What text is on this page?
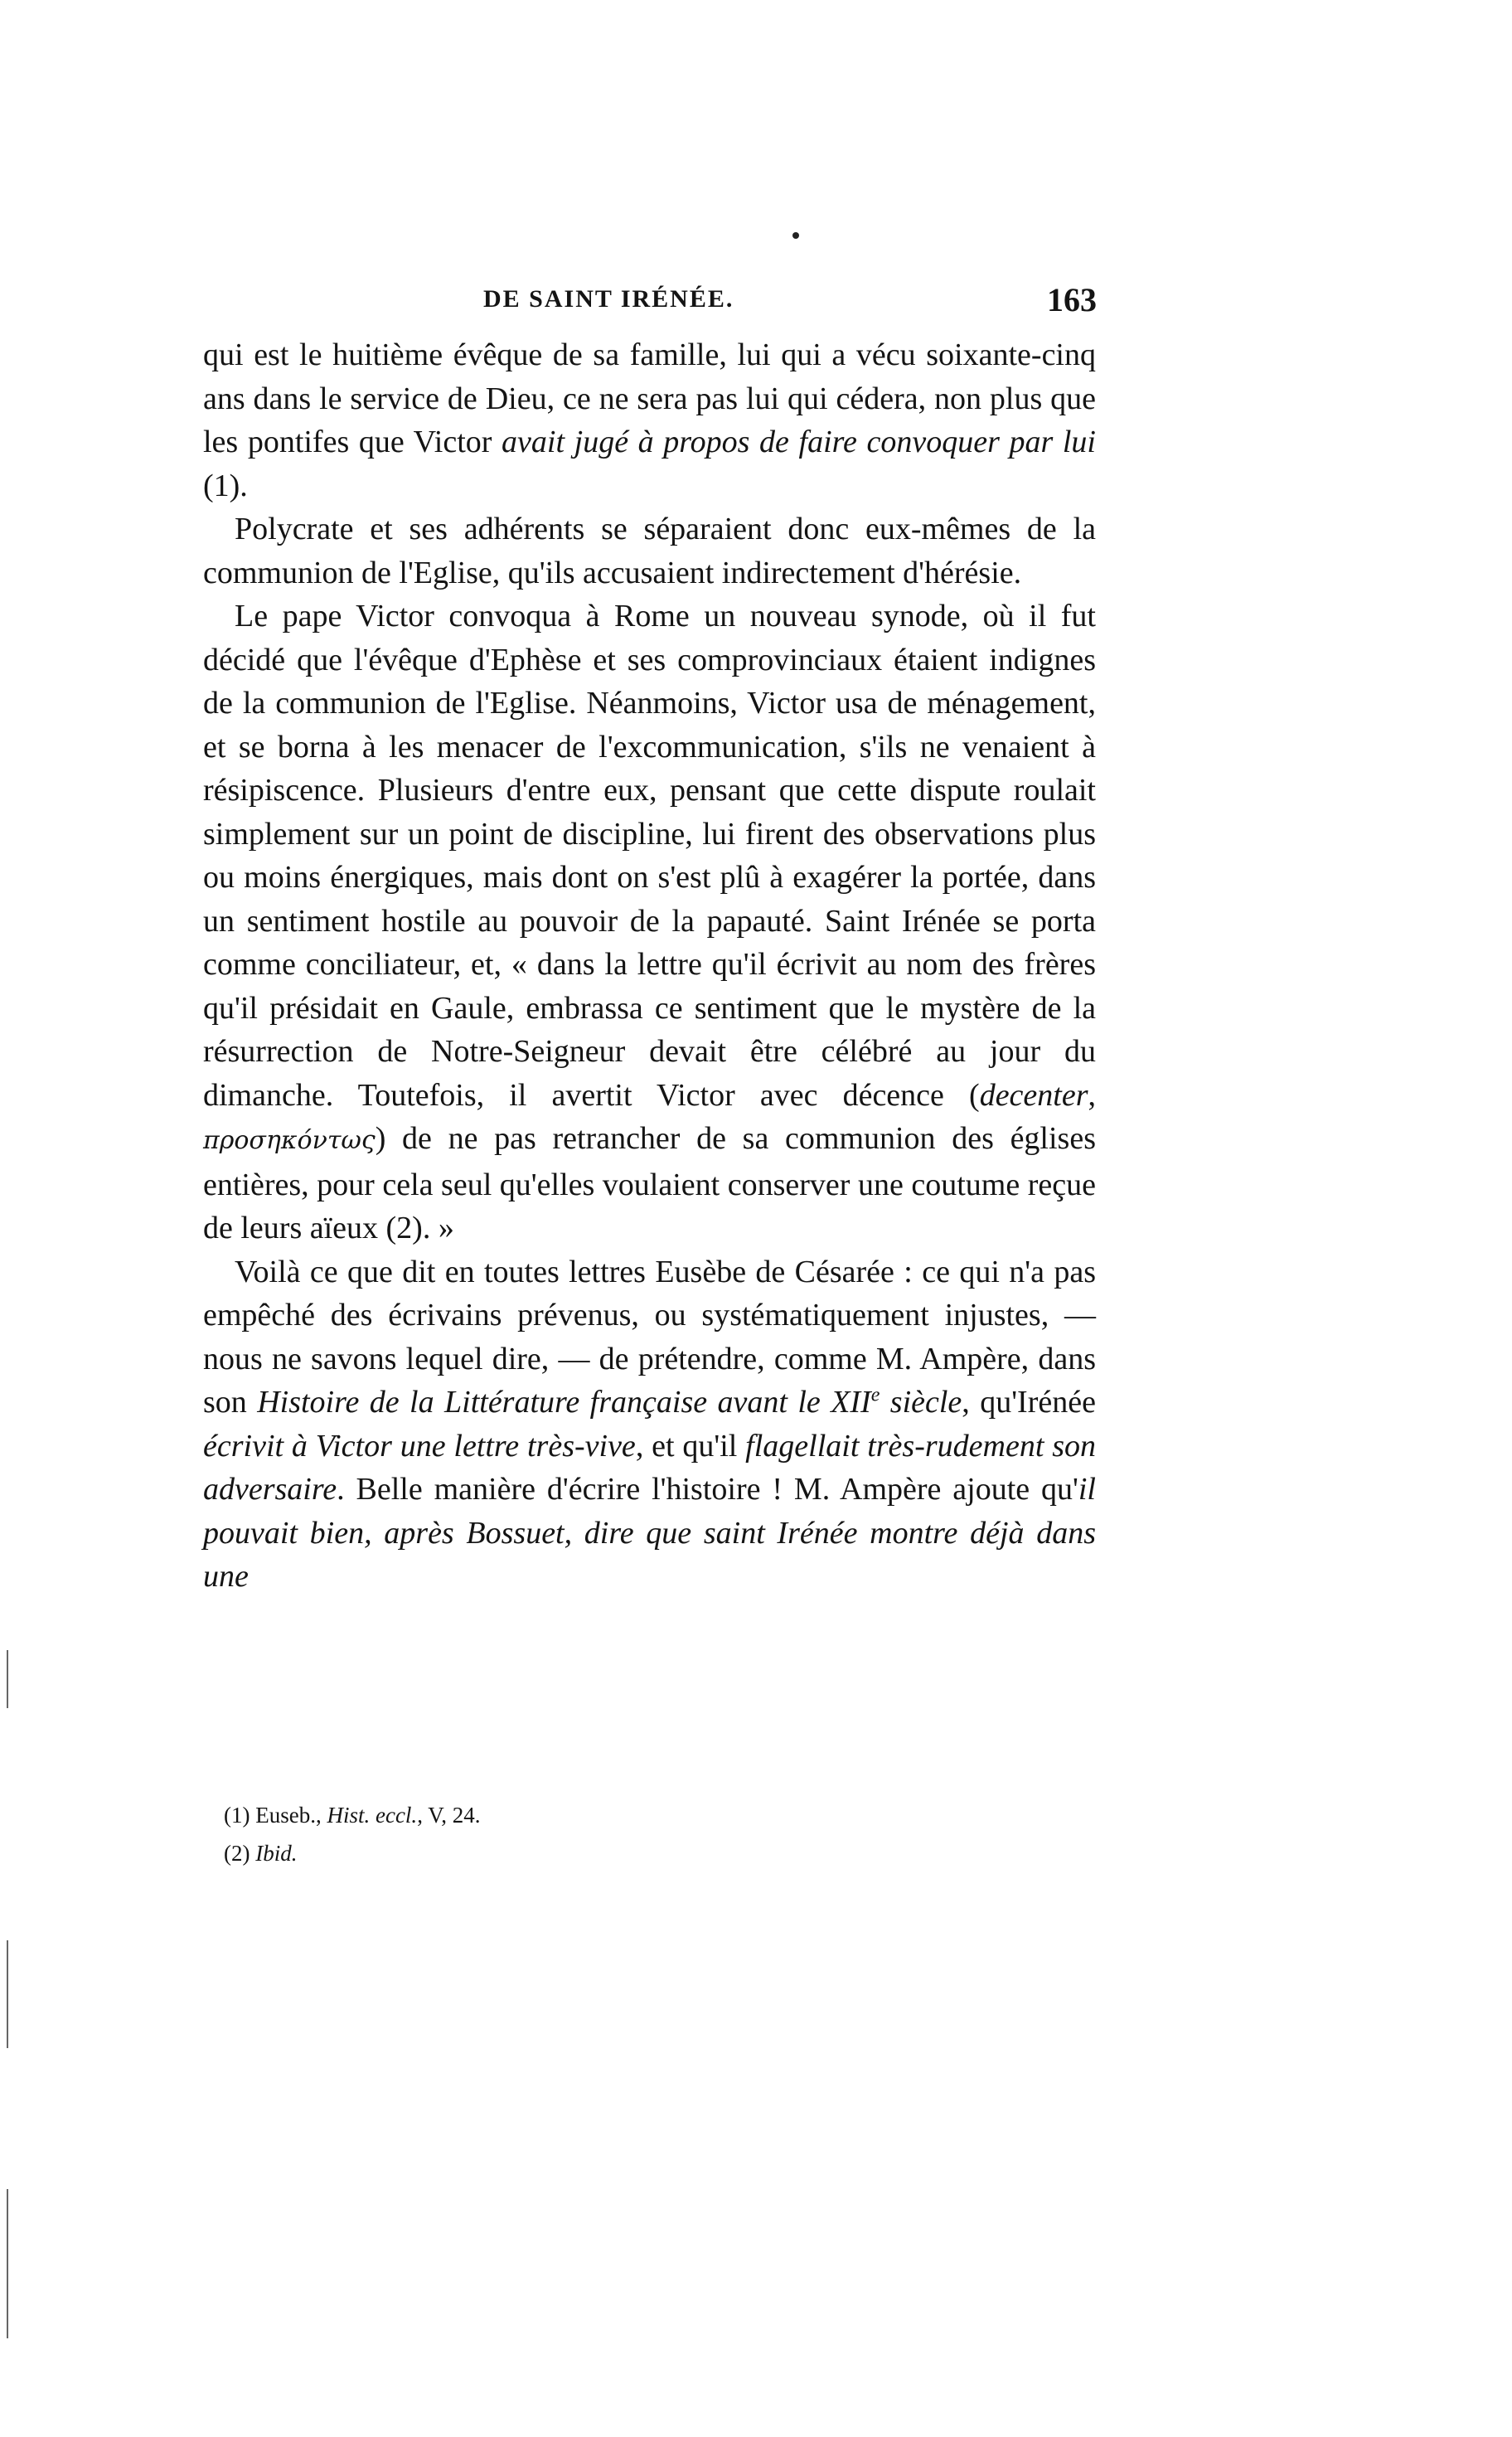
DE SAINT IRÉNÉE.	163

qui est le huitième évêque de sa famille, lui qui a vécu soixante-cinq ans dans le service de Dieu, ce ne sera pas lui qui cédera, non plus que les pontifes que Victor avait jugé à propos de faire convoquer par lui (1).

Polycrate et ses adhérents se séparaient donc eux-mêmes de la communion de l'Eglise, qu'ils accusaient indirectement d'hérésie.

Le pape Victor convoqua à Rome un nouveau synode, où il fut décidé que l'évêque d'Ephèse et ses comprovinciaux étaient indignes de la communion de l'Eglise. Néanmoins, Victor usa de ménagement, et se borna à les menacer de l'excommunication, s'ils ne venaient à résipiscence. Plusieurs d'entre eux, pensant que cette dispute roulait simplement sur un point de discipline, lui firent des observations plus ou moins énergiques, mais dont on s'est plû à exagérer la portée, dans un sentiment hostile au pouvoir de la papauté. Saint Irénée se porta comme conciliateur, et, « dans la lettre qu'il écrivit au nom des frères qu'il présidait en Gaule, embrassa ce sentiment que le mystère de la résurrection de Notre-Seigneur devait être célébré au jour du dimanche. Toutefois, il avertit Victor avec décence (decenter, προσηκόντως) de ne pas retrancher de sa communion des églises entières, pour cela seul qu'elles voulaient conserver une coutume reçue de leurs aïeux (2). »

Voilà ce que dit en toutes lettres Eusèbe de Césarée : ce qui n'a pas empêché des écrivains prévenus, ou systématiquement injustes, — nous ne savons lequel dire, — de prétendre, comme M. Ampère, dans son Histoire de la Littérature française avant le XIIe siècle, qu'Irénée écrivit à Victor une lettre très-vive, et qu'il flagellait très-rudement son adversaire. Belle manière d'écrire l'histoire ! M. Ampère ajoute qu'il pouvait bien, après Bossuet, dire que saint Irénée montre déjà dans une

(1) Euseb., Hist. eccl., V, 24.

(2) Ibid.
